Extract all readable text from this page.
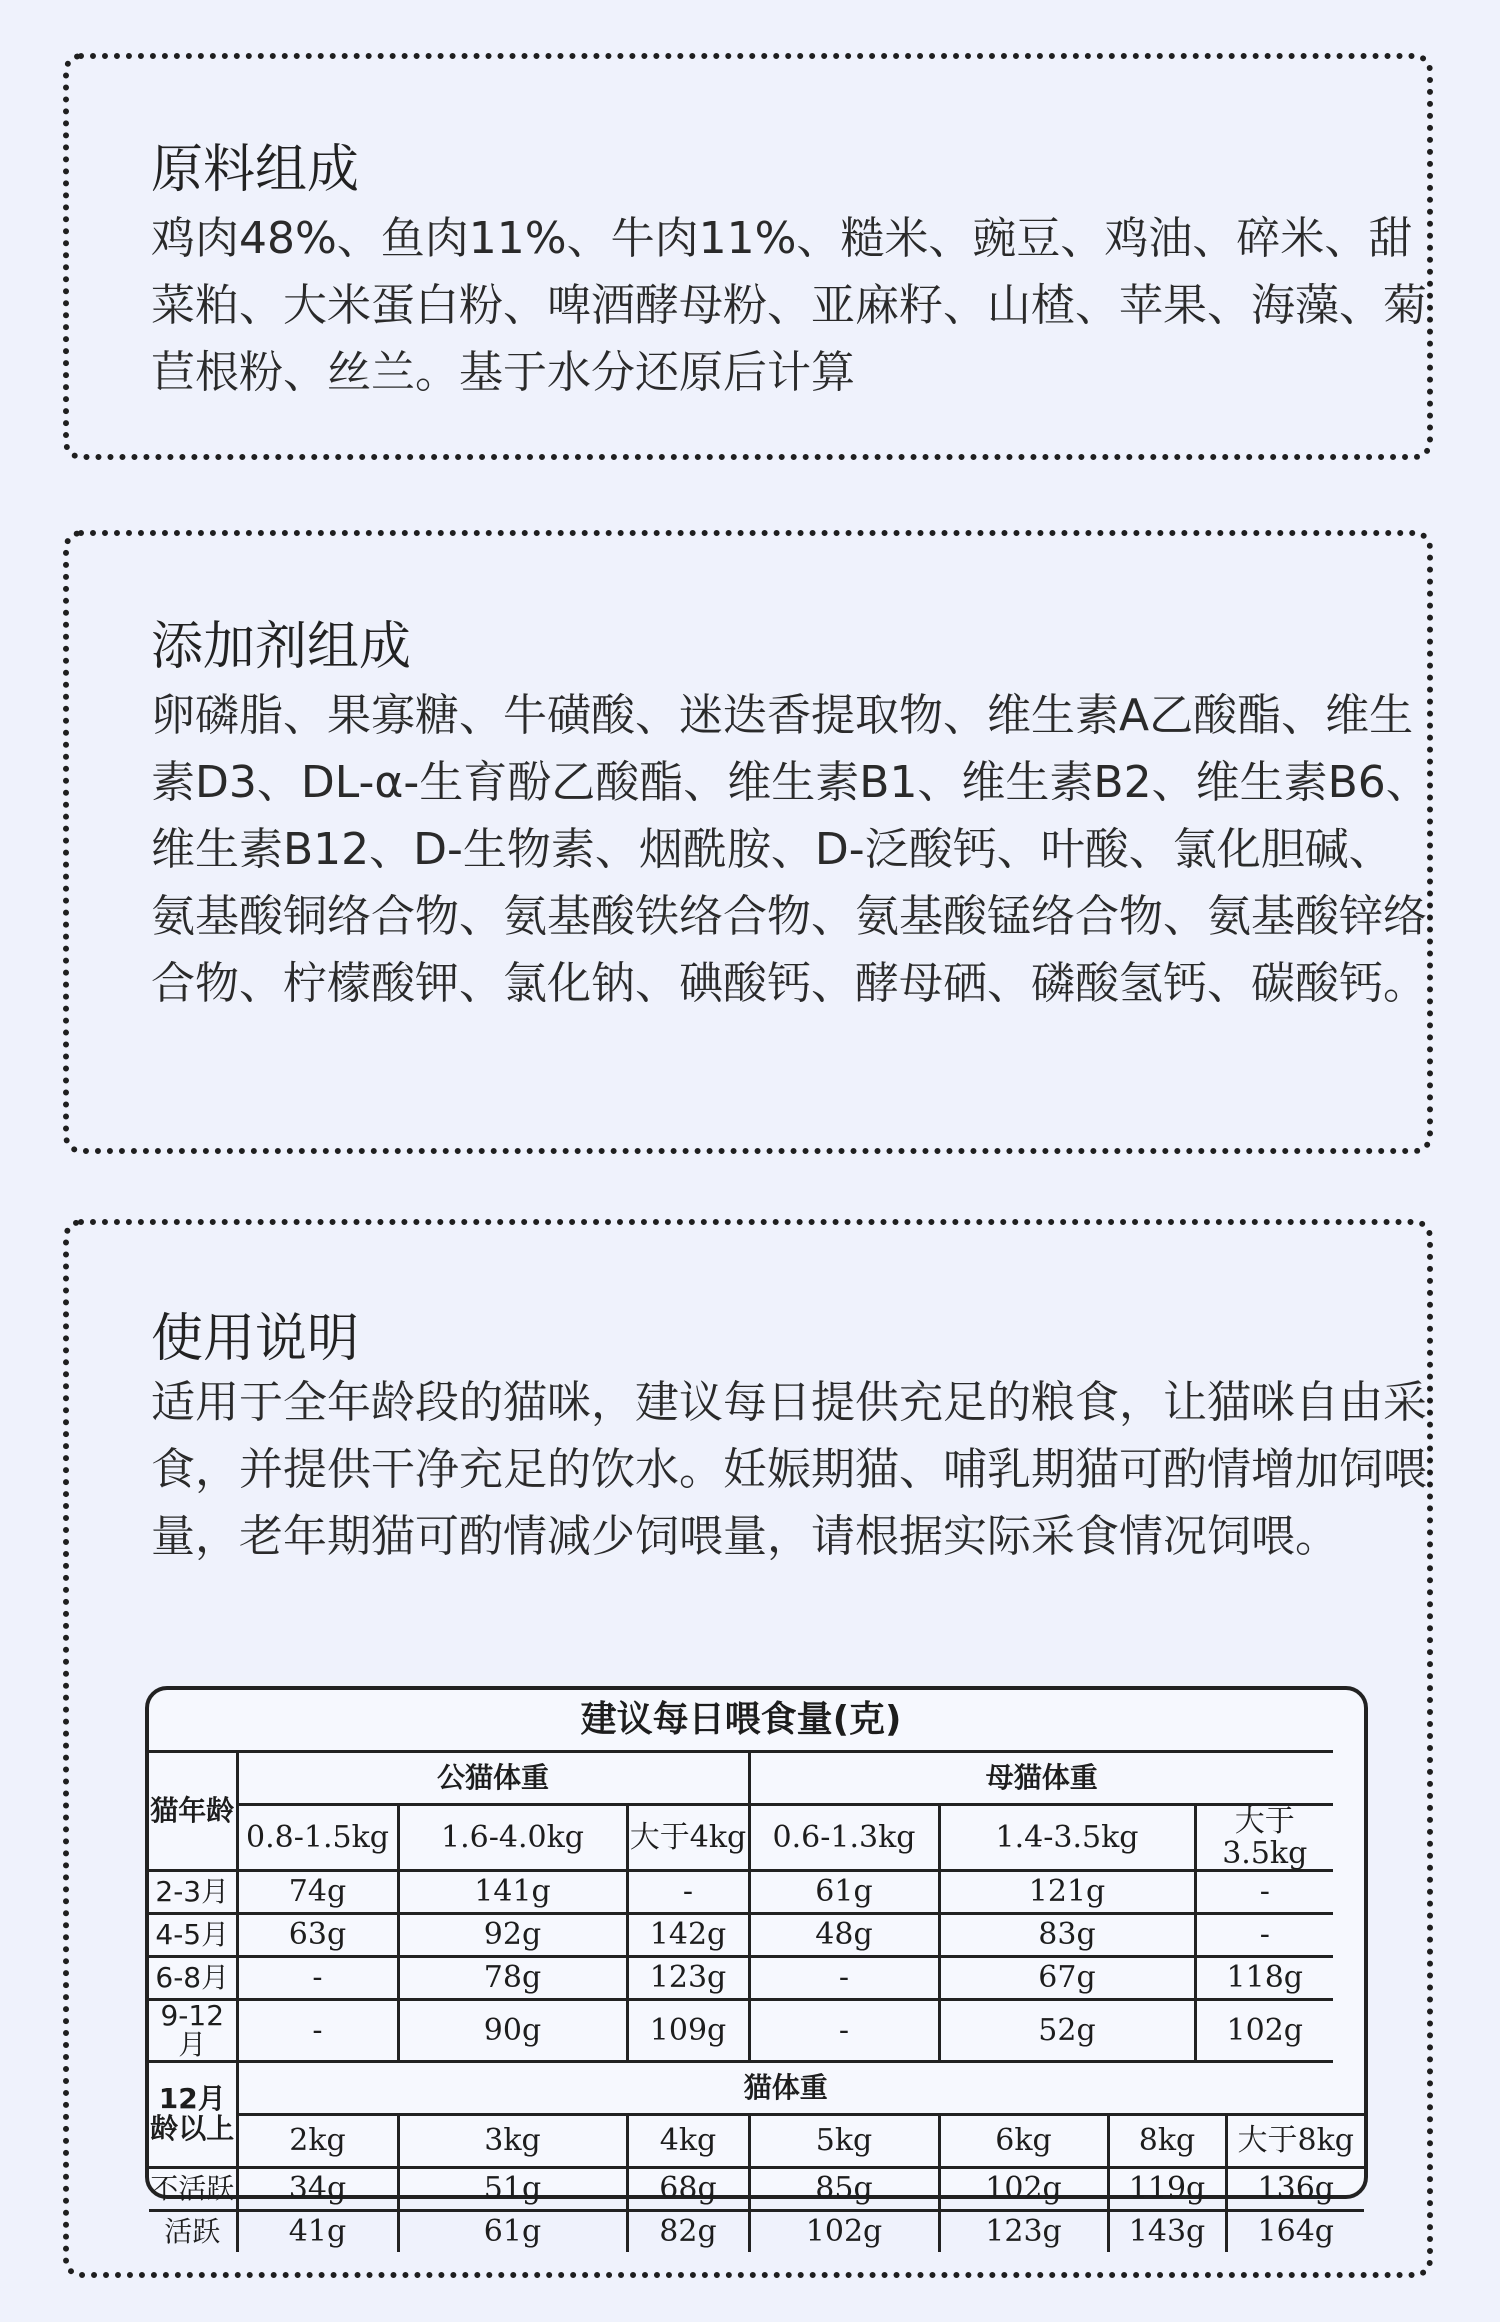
原料组成

鸡肉48%、鱼肉11%、牛肉11%、糙米、豌豆、鸡油、碎米、甜菜粕、大米蛋白粉、啤酒酵母粉、亚麻籽、山楂、苹果、海藻、菊苣根粉、丝兰。基于水分还原后计算

添加剂组成

卵磷脂、果寡糖、牛磺酸、迷迭香提取物、维生素A乙酸酯、维生素D3、DL-α-生育酚乙酸酯、维生素B1、维生素B2、维生素B6、维生素B12、D-生物素、烟酰胺、D-泛酸钙、叶酸、氯化胆碱、氨基酸铜络合物、氨基酸铁络合物、氨基酸锰络合物、氨基酸锌络合物、柠檬酸钾、氯化钠、碘酸钙、酵母硒、磷酸氢钙、碳酸钙。

使用说明

适用于全年龄段的猫咪，建议每日提供充足的粮食，让猫咪自由采食，并提供干净充足的饮水。妊娠期猫、哺乳期猫可酌情增加饲喂量，老年期猫可酌情减少饲喂量，请根据实际采食情况饲喂。

建议每日喂食量(克)								
猫年龄	公猫体重			母猫体重				
	0.8-1.5kg	1.6-4.0kg	大于4kg	0.6-1.3kg	1.4-3.5kg		大于3.5kg	
2-3月	74g	141g	-	61g	121g		-	
4-5月	63g	92g	142g	48g	83g		-	
6-8月	-	78g	123g	-	67g		118g	
9-12月	-	90g	109g	-	52g		102g	
12月龄以上	猫体重							
	2kg	3kg	4kg	5kg	6kg	8kg		大于8kg
不活跃	34g	51g	68g	85g	102g	119g		136g
活跃	41g	61g	82g	102g	123g	143g		164g
